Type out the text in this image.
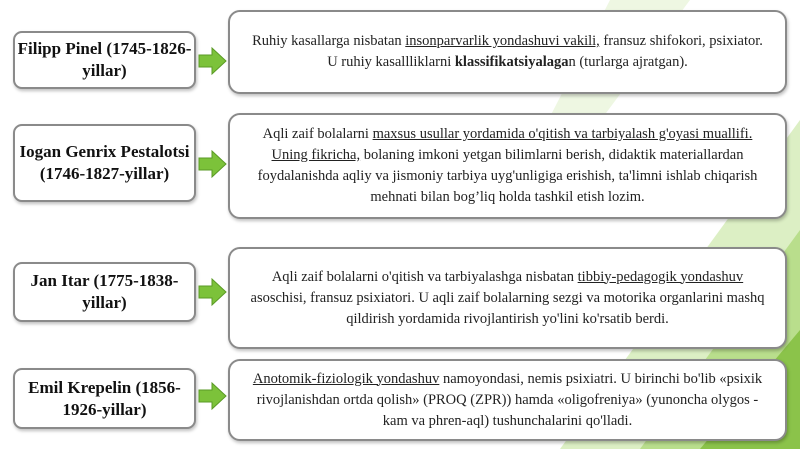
Filipp Pinel (1745-1826-yillar)

Ruhiy kasallarga nisbatan insonparvarlik yondashuvi vakili, fransuz shifokori, psixiator. U ruhiy kasallliklarni klassifikatsiyalagan (turlarga ajratgan).

Iogan Genrix Pestalotsi (1746-1827-yillar)

Aqli zaif bolalarni maxsus usullar yordamida o'qitish va tarbiyalash g'oyasi muallifi. Uning fikricha, bolaning imkoni yetgan bilimlarni berish, didaktik materiallardan foydalanishda aqliy va jismoniy tarbiya uyg'unligiga erishish, ta'limni ishlab chiqarish mehnati bilan bog’liq holda tashkil etish lozim.

Jan Itar (1775-1838-yillar)

Aqli zaif bolalarni o'qitish va tarbiyalashga nisbatan tibbiy-pedagogik yondashuv asoschisi, fransuz psixiatori. U aqli zaif bolalarning sezgi va motorika organlarini mashq qildirish yordamida rivojlantirish yo'lini ko'rsatib berdi.

Emil Krepelin (1856-1926-yillar)

Anotomik-fiziologik yondashuv namoyondasi, nemis psixiatri. U birinchi bo'lib «psixik rivojlanishdan ortda qolish» (PROQ (ZPR)) hamda «oligofreniya» (yunoncha olygos - kam va phren-aql) tushunchalarini qo'lladi.
